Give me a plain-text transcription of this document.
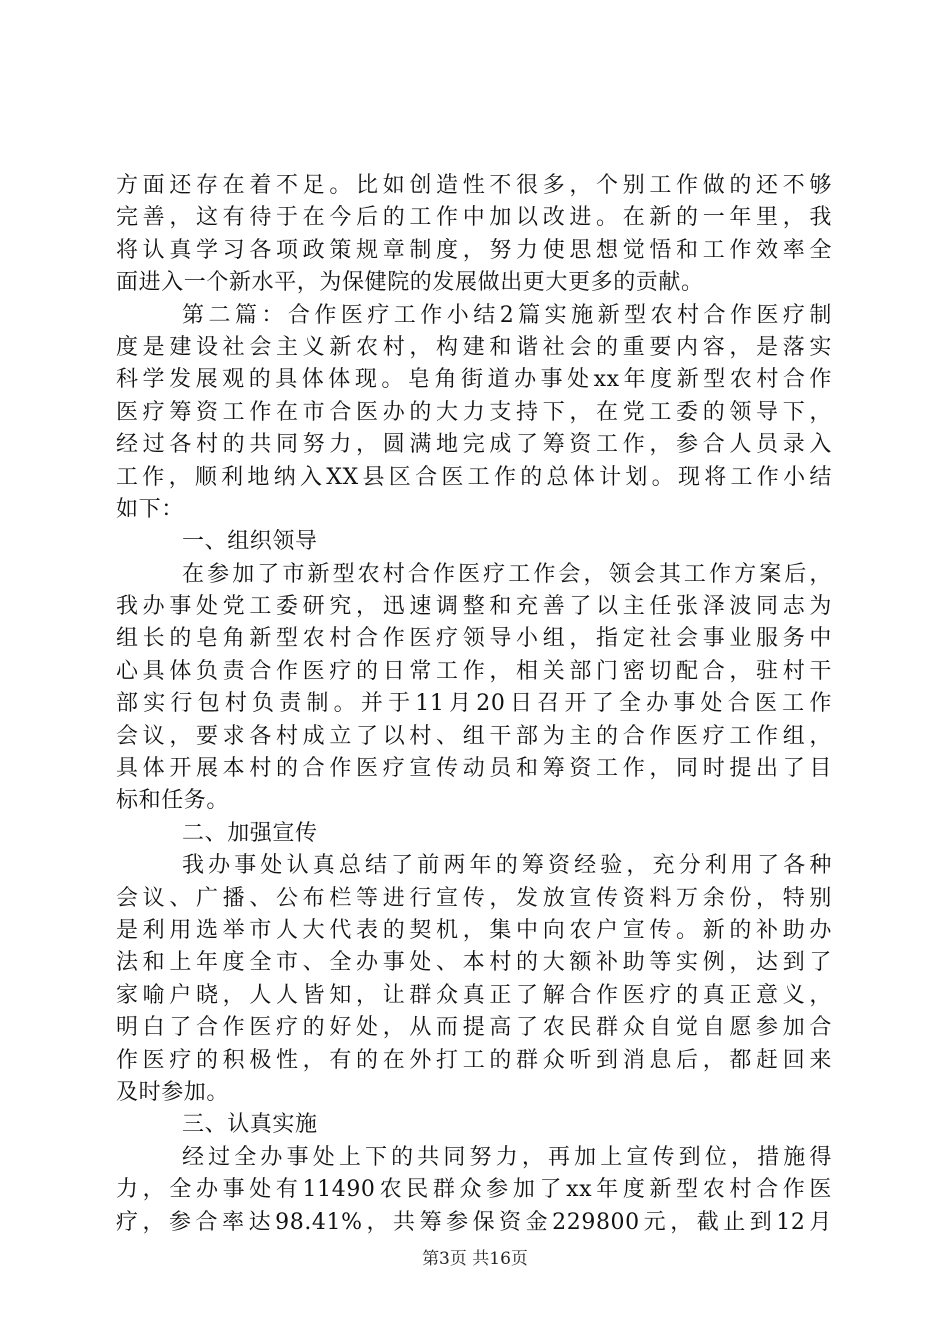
方面还存在着不足。比如创造性不很多，个别工作做的还不够
完善，这有待于在今后的工作中加以改进。在新的一年里，我
将认真学习各项政策规章制度，努力使思想觉悟和工作效率全
面进入一个新水平，为保健院的发展做出更大更多的贡献。
第二篇：合作医疗工作小结2篇实施新型农村合作医疗制
度是建设社会主义新农村，构建和谐社会的重要内容，是落实
科学发展观的具体体现。皂角街道办事处xx年度新型农村合作
医疗筹资工作在市合医办的大力支持下，在党工委的领导下，
经过各村的共同努力，圆满地完成了筹资工作，参合人员录入
工作，顺利地纳入XX县区合医工作的总体计划。现将工作小结
如下：
一、组织领导
在参加了市新型农村合作医疗工作会，领会其工作方案后，
我办事处党工委研究，迅速调整和充善了以主任张泽波同志为
组长的皂角新型农村合作医疗领导小组，指定社会事业服务中
心具体负责合作医疗的日常工作，相关部门密切配合，驻村干
部实行包村负责制。并于11月20日召开了全办事处合医工作
会议，要求各村成立了以村、组干部为主的合作医疗工作组，
具体开展本村的合作医疗宣传动员和筹资工作，同时提出了目
标和任务。
二、加强宣传
我办事处认真总结了前两年的筹资经验，充分利用了各种
会议、广播、公布栏等进行宣传，发放宣传资料万余份，特别
是利用选举市人大代表的契机，集中向农户宣传。新的补助办
法和上年度全市、全办事处、本村的大额补助等实例，达到了
家喻户晓，人人皆知，让群众真正了解合作医疗的真正意义，
明白了合作医疗的好处，从而提高了农民群众自觉自愿参加合
作医疗的积极性，有的在外打工的群众听到消息后，都赶回来
及时参加。
三、认真实施
经过全办事处上下的共同努力，再加上宣传到位，措施得
力，全办事处有11490农民群众参加了xx年度新型农村合作医
疗，参合率达98.41%，共筹参保资金229800元，截止到12月
第3页 共16页
